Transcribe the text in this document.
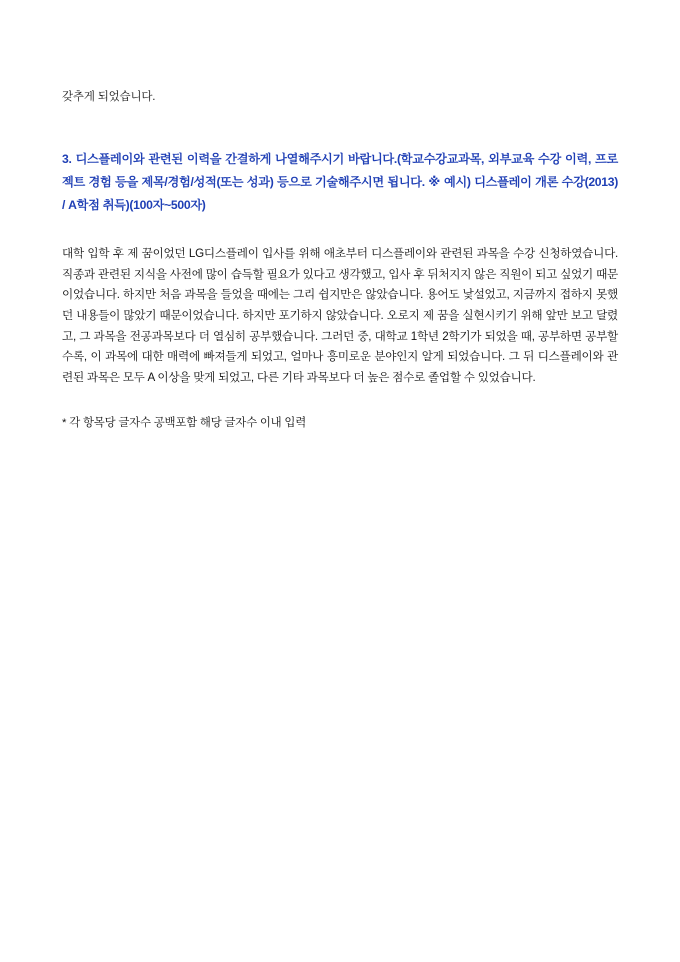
갖추게 되었습니다.
3. 디스플레이와 관련된 이력을 간결하게 나열해주시기 바랍니다.(학교수강교과목, 외부교육 수강 이력, 프로젝트 경험 등을 제목/경험/성적(또는 성과) 등으로 기술해주시면 됩니다. ※ 예시) 디스플레이 개론 수강(2013) / A학점 취득)(100자~500자)
대학 입학 후 제 꿈이었던 LG디스플레이 입사를 위해 애초부터 디스플레이와 관련된 과목을 수강 신청하였습니다. 직종과 관련된 지식을 사전에 많이 습득할 필요가 있다고 생각했고, 입사 후 뒤처지지 않은 직원이 되고 싶었기 때문이었습니다. 하지만 처음 과목을 들었을 때에는 그리 쉽지만은 않았습니다. 용어도 낯설었고, 지금까지 접하지 못했던 내용들이 많았기 때문이었습니다. 하지만 포기하지 않았습니다. 오로지 제 꿈을 실현시키기 위해 앞만 보고 달렸고, 그 과목을 전공과목보다 더 열심히 공부했습니다. 그러던 중, 대학교 1학년 2학기가 되었을 때, 공부하면 공부할수록, 이 과목에 대한 매력에 빠져들게 되었고, 얼마나 흥미로운 분야인지 알게 되었습니다. 그 뒤 디스플레이와 관련된 과목은 모두 A 이상을 맞게 되었고, 다른 기타 과목보다 더 높은 점수로 졸업할 수 있었습니다.
* 각 항목당 글자수 공백포함 해당 글자수 이내 입력
